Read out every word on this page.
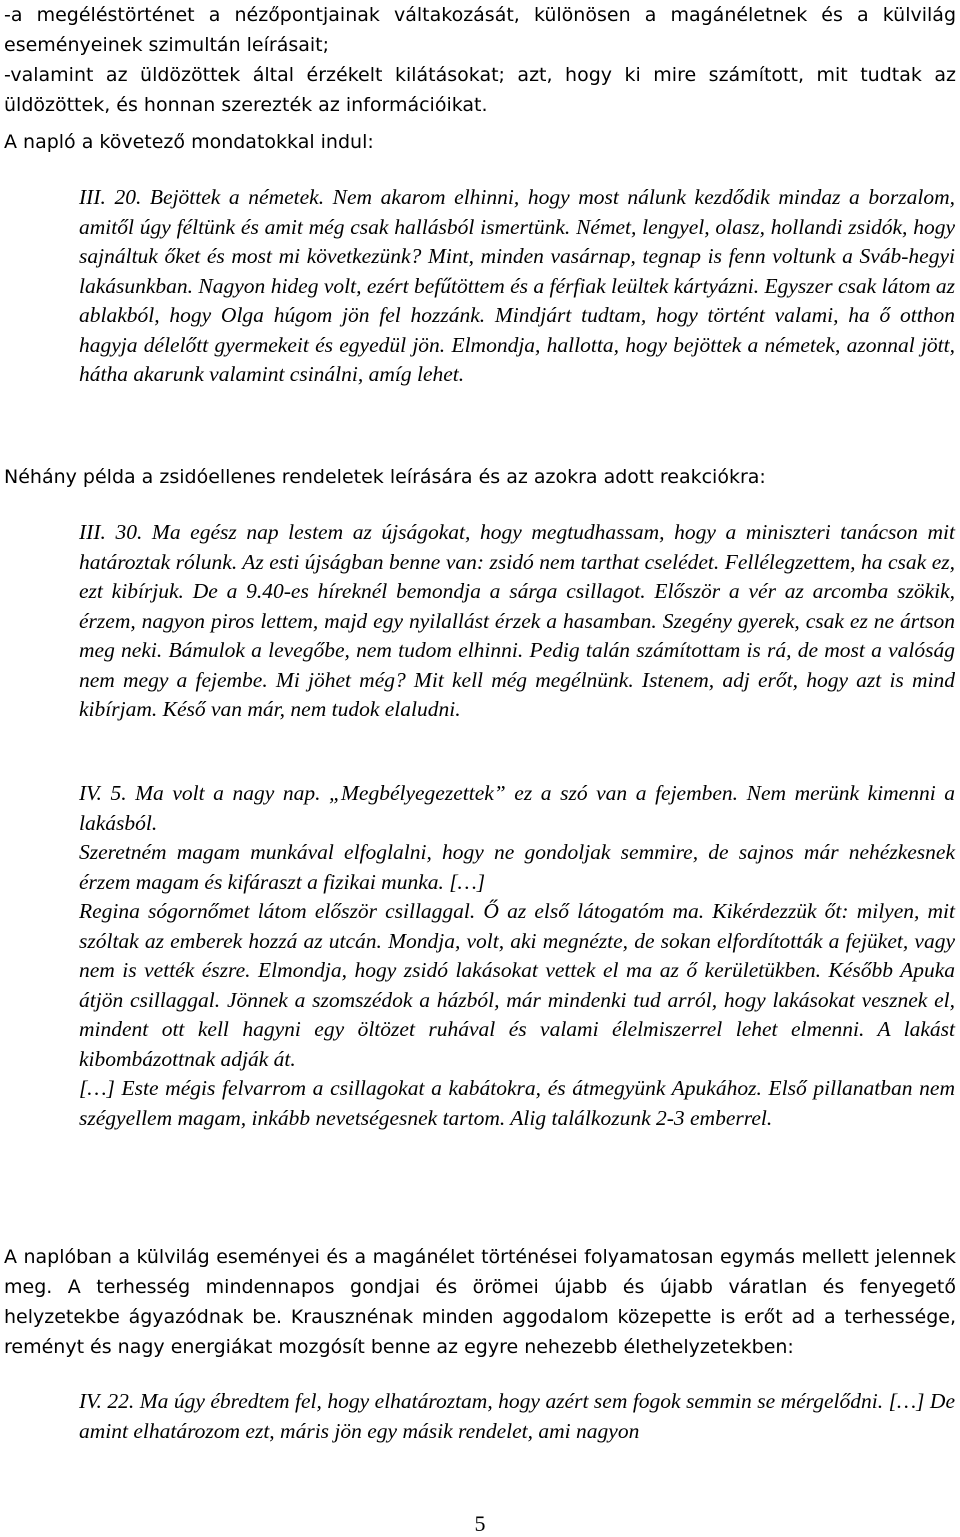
-a megéléstörténet a nézőpontjainak váltakozását, különösen a magánéletnek és a külvilág eseményeinek szimultán leírásait;
-valamint az üldözöttek által érzékelt kilátásokat; azt, hogy ki mire számított, mit tudtak az üldözöttek, és honnan szerezték az információikat.
A napló a követező mondatokkal indul:
III. 20. Bejöttek a németek. Nem akarom elhinni, hogy most nálunk kezdődik mindaz a borzalom, amitől úgy féltünk és amit még csak hallásból ismertünk. Német, lengyel, olasz, hollandi zsidók, hogy sajnáltuk őket és most mi következünk? Mint, minden vasárnap, tegnap is fenn voltunk a Sváb-hegyi lakásunkban. Nagyon hideg volt, ezért befűtöttem és a férfiak leültek kártyázni. Egyszer csak látom az ablakból, hogy Olga húgom jön fel hozzánk. Mindjárt tudtam, hogy történt valami, ha ő otthon hagyja délelőtt gyermekeit és egyedül jön. Elmondja, hallotta, hogy bejöttek a németek, azonnal jött, hátha akarunk valamint csinálni, amíg lehet.
Néhány példa a zsidóellenes rendeletek leírására és az azokra adott reakciókra:
III. 30. Ma egész nap lestem az újságokat, hogy megtudhassam, hogy a miniszteri tanácson mit határoztak rólunk. Az esti újságban benne van: zsidó nem tarthat cselédet. Fellélegzettem, ha csak ez, ezt kibírjuk. De a 9.40-es híreknél bemondja a sárga csillagot. Először a vér az arcomba szökik, érzem, nagyon piros lettem, majd egy nyilallást érzek a hasamban. Szegény gyerek, csak ez ne ártson meg neki. Bámulok a levegőbe, nem tudom elhinni. Pedig talán számítottam is rá, de most a valóság nem megy a fejembe. Mi jöhet még? Mit kell még megélnünk. Istenem, adj erőt, hogy azt is mind kibírjam. Késő van már, nem tudok elaludni.
IV. 5. Ma volt a nagy nap. „Megbélyegezettek” ez a szó van a fejemben. Nem merünk kimenni a lakásból.
Szeretném magam munkával elfoglalni, hogy ne gondoljak semmire, de sajnos már nehézkesnek érzem magam és kifáraszt a fizikai munka. […]
Regina sógornőmet látom először csillaggal. Ő az első látogatóm ma. Kikérdezzük őt: milyen, mit szóltak az emberek hozzá az utcán. Mondja, volt, aki megnézte, de sokan elfordították a fejüket, vagy nem is vették észre. Elmondja, hogy zsidó lakásokat vettek el ma az ő kerületükben. Később Apuka átjön csillaggal. Jönnek a szomszédok a házból, már mindenki tud arról, hogy lakásokat vesznek el, mindent ott kell hagyni egy öltözet ruhával és valami élelmiszerrel lehet elmenni. A lakást kibombázottnak adják át.
[…] Este mégis felvarrom a csillagokat a kabátokra, és átmegyünk Apukához. Első pillanatban nem szégyellem magam, inkább nevetségesnek tartom. Alig találkozunk 2-3 emberrel.
A naplóban a külvilág eseményei és a magánélet történései folyamatosan egymás mellett jelennek meg. A terhesség mindennapos gondjai és örömei újabb és újabb váratlan és fenyegető helyzetekbe ágyazódnak be. Krausznénak minden aggodalom közepette is erőt ad a terhessége, reményt és nagy energiákat mozgósít benne az egyre nehezebb élethelyzetekben:
IV. 22. Ma úgy ébredtem fel, hogy elhatároztam, hogy azért sem fogok semmin se mérgelődni. […] De amint elhatározom ezt, máris jön egy másik rendelet, ami nagyon
5
